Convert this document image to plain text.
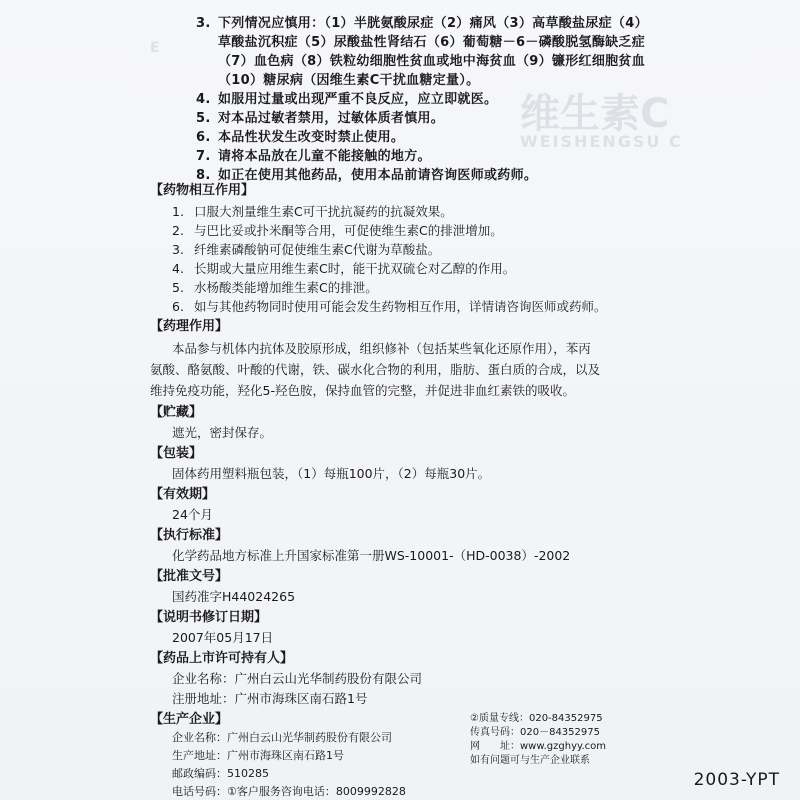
维生素C
WEISHENGSU C
E
3. 下列情况应慎用：（1）半胱氨酸尿症（2）痛风（3）高草酸盐尿症（4）
草酸盐沉积症（5）尿酸盐性肾结石（6）葡萄糖－6－磷酸脱氢酶缺乏症
（7）血色病（8）铁粒幼细胞性贫血或地中海贫血（9）镰形红细胞贫血
（10）糖尿病（因维生素C干扰血糖定量）。
4. 如服用过量或出现严重不良反应，应立即就医。
5. 对本品过敏者禁用，过敏体质者慎用。
6. 本品性状发生改变时禁止使用。
7. 请将本品放在儿童不能接触的地方。
8. 如正在使用其他药品，使用本品前请咨询医师或药师。
【药物相互作用】
1. 口服大剂量维生素C可干扰抗凝药的抗凝效果。
2. 与巴比妥或扑米酮等合用，可促使维生素C的排泄增加。
3. 纤维素磷酸钠可促使维生素C代谢为草酸盐。
4. 长期或大量应用维生素C时，能干扰双硫仑对乙醇的作用。
5. 水杨酸类能增加维生素C的排泄。
6. 如与其他药物同时使用可能会发生药物相互作用，详情请咨询医师或药师。
【药理作用】
本品参与机体内抗体及胶原形成，组织修补（包括某些氧化还原作用），苯丙
氨酸、酪氨酸、叶酸的代谢，铁、碳水化合物的利用，脂肪、蛋白质的合成，以及
维持免疫功能，羟化5-羟色胺，保持血管的完整，并促进非血红素铁的吸收。
【贮藏】
遮光，密封保存。
【包装】
固体药用塑料瓶包装，（1）每瓶100片，（2）每瓶30片。
【有效期】
24个月
【执行标准】
化学药品地方标准上升国家标准第一册WS-10001-（HD-0038）-2002
【批准文号】
国药准字H44024265
【说明书修订日期】
2007年05月17日
【药品上市许可持有人】
企业名称：广州白云山光华制药股份有限公司
注册地址：广州市海珠区南石路1号
【生产企业】
2003-YPT
企业名称：广州白云山光华制药股份有限公司
生产地址：广州市海珠区南石路1号
邮政编码：510285
电话号码：①客户服务咨询电话：8009992828
②质量专线：020-84352975
传真号码：020－84352975
网　　址：www.gzghyy.com
如有问题可与生产企业联系
